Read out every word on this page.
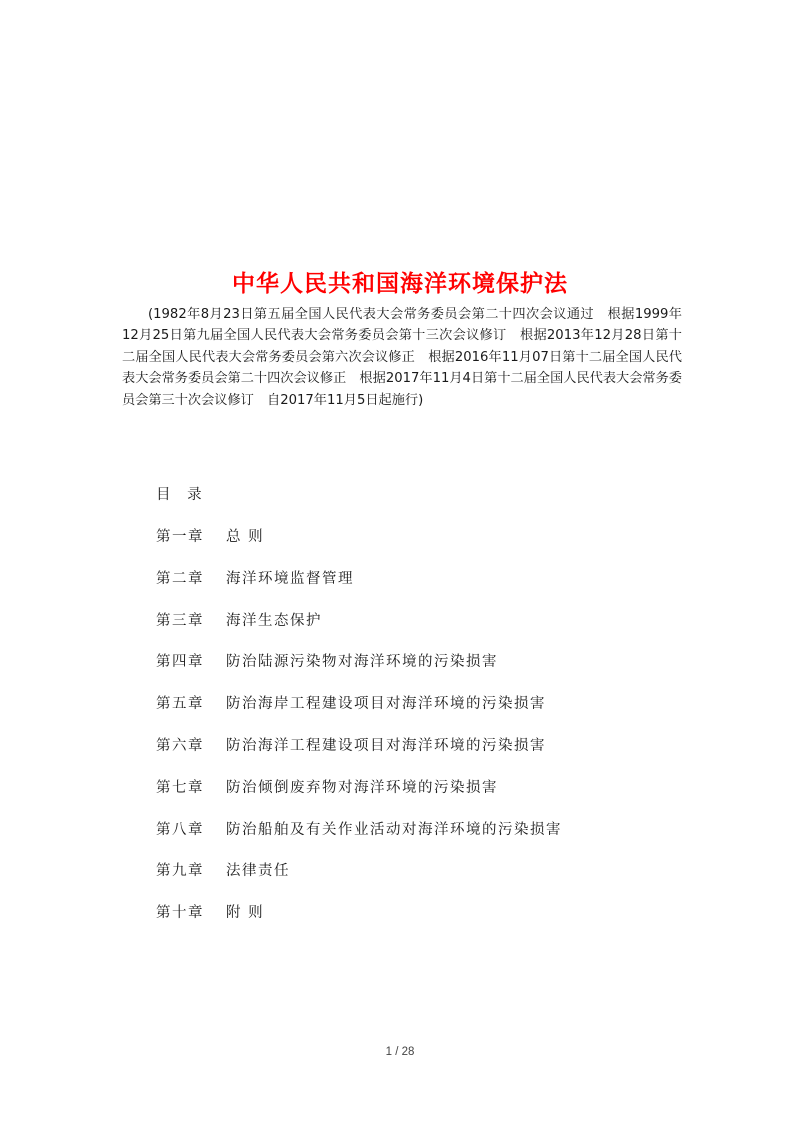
中华人民共和国海洋环境保护法
(1982年8月23日第五届全国人民代表大会常务委员会第二十四次会议通过　根据1999年12月25日第九届全国人民代表大会常务委员会第十三次会议修订　根据2013年12月28日第十二届全国人民代表大会常务委员会第六次会议修正　根据2016年11月07日第十二届全国人民代表大会常务委员会第二十四次会议修正　根据2017年11月4日第十二届全国人民代表大会常务委员会第三十次会议修订　自2017年11月5日起施行)
目 录
第一章	总 则
第二章	海洋环境监督管理
第三章	海洋生态保护
第四章	防治陆源污染物对海洋环境的污染损害
第五章	防治海岸工程建设项目对海洋环境的污染损害
第六章	防治海洋工程建设项目对海洋环境的污染损害
第七章	防治倾倒废弃物对海洋环境的污染损害
第八章	防治船舶及有关作业活动对海洋环境的污染损害
第九章	法律责任
第十章	附 则
1 / 28
